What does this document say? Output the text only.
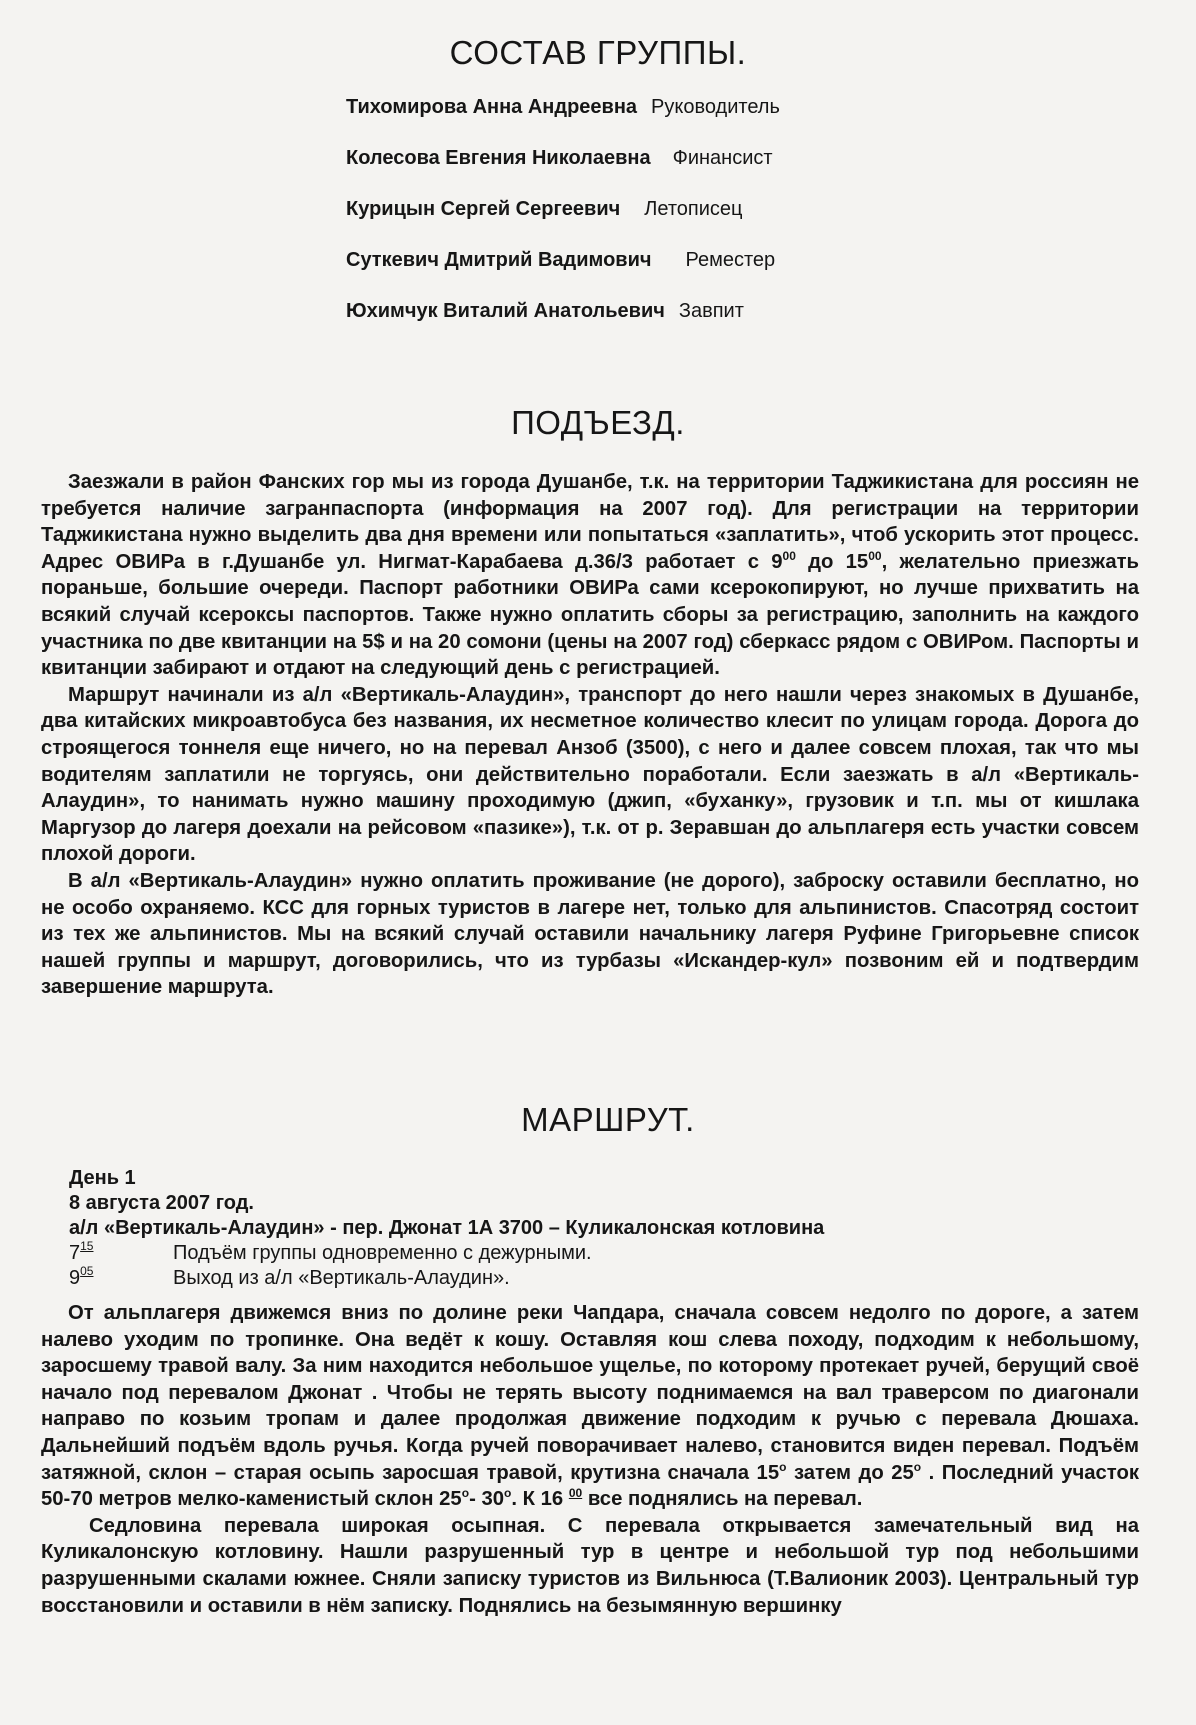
СОСТАВ ГРУППЫ.
Тихомирова Анна Андреевна Руководитель
Колесова Евгения Николаевна Финансист
Курицын Сергей Сергеевич Летописец
Суткевич Дмитрий Вадимович Реместер
Юхимчук Виталий Анатольевич Завпит
ПОДЪЕЗД.

Заезжали в район Фанских гор мы из города Душанбе, т.к. на территории Таджикистана для россиян не требуется наличие загранпаспорта (информация на 2007 год). Для регистрации на территории Таджикистана нужно выделить два дня времени или попытаться «заплатить», чтоб ускорить этот процесс. Адрес ОВИРа в г.Душанбе ул. Нигмат-Карабаева д.36/3 работает с $9^{00}$ до $15^{00}$, желательно приезжать пораньше, большие очереди. Паспорт работники ОВИРа сами ксерокопируют, но лучше прихватить на всякий случай ксероксы паспортов. Также нужно оплатить сборы за регистрацию, заполнить на каждого участника по две квитанции на 5$ и на 20 сомони (цены на 2007 год) сберкасс рядом с ОВИРом. Паспорты и квитанции забирают и отдают на следующий день с регистрацией.

Маршрут начинали из а/л «Вертикаль-Алаудин», транспорт до него нашли через знакомых в Душанбе, два китайских микроавтобуса без названия, их несметное количество клесит по улицам города. Дорога до строящегося тоннеля еще ничего, но на перевал Анзоб (3500), с него и далее совсем плохая, так что мы водителям заплатили не торгуясь, они действительно поработали. Если заезжать в а/л «Вертикаль-Алаудин», то нанимать нужно машину проходимую (джип, «буханку», грузовик и т.п. мы от кишлака Маргузор до лагеря доехали на рейсовом «пазике»), т.к. от р. Зеравшан до альплагеря есть участки совсем плохой дороги.

В а/л «Вертикаль-Алаудин» нужно оплатить проживание (не дорого), заброску оставили бесплатно, но не особо охраняемо. КСС для горных туристов в лагере нет, только для альпинистов. Спасотряд состоит из тех же альпинистов. Мы на всякий случай оставили начальнику лагеря Руфине Григорьевне список нашей группы и маршрут, договорились, что из турбазы «Искандер-кул» позвоним ей и подтвердим завершение маршрута.

МАРШРУТ.
День 1
8 августа 2007 год.
а/л «Вертикаль-Алаудин» - пер. Джонат 1А 3700 – Куликалонская котловина
$7^{15}$	Подъём группы одновременно с дежурными.
$9^{05}$	Выход из а/л «Вертикаль-Алаудин».

От альплагеря движемся вниз по долине реки Чапдара, сначала совсем недолго по дороге, а затем налево уходим по тропинке. Она ведёт к кошу. Оставляя кош слева походу, подходим к небольшому, заросшему травой валу. За ним находится небольшое ущелье, по которому протекает ручей, берущий своё начало под перевалом Джонат . Чтобы не терять высоту поднимаемся на вал траверсом по диагонали направо по козьим тропам и далее продолжая движение подходим к ручью с перевала Дюшаха. Дальнейший подъём вдоль ручья. Когда ручей поворачивает налево, становится виден перевал. Подъём затяжной, склон – старая осыпь заросшая травой, крутизна сначала 15$^o$ затем до 25$^o$ . Последний участок 50-70 метров мелко-каменистый склон 25$^o$- 30$^o$. К 16 $^{00}$ все поднялись на перевал.

Седловина перевала широкая осыпная. С перевала открывается замечательный вид на Куликалонскую котловину. Нашли разрушенный тур в центре и небольшой тур под небольшими разрушенными скалами южнее. Сняли записку туристов из Вильнюса (Т.Валионик 2003). Центральный тур восстановили и оставили в нём записку. Поднялись на безымянную вершинку
